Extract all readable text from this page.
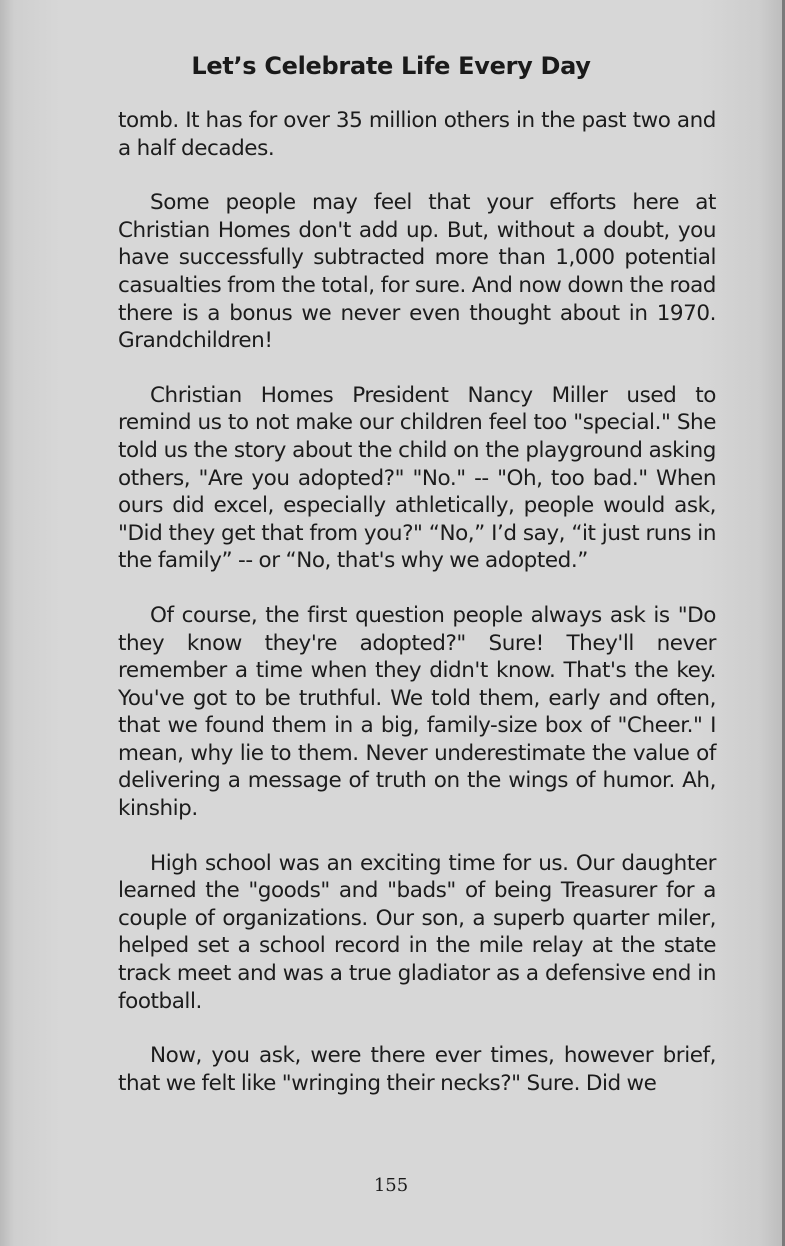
Let’s Celebrate Life Every Day

tomb. It has for over 35 million others in the past two and a half decades.

Some people may feel that your efforts here at Christian Homes don't add up. But, without a doubt, you have successfully subtracted more than 1,000 potential casualties from the total, for sure. And now down the road there is a bonus we never even thought about in 1970. Grandchildren!

Christian Homes President Nancy Miller used to remind us to not make our children feel too "special." She told us the story about the child on the playground asking others, "Are you adopted?" "No." -- "Oh, too bad." When ours did excel, especially athletically, people would ask, "Did they get that from you?" “No,” I’d say, “it just runs in the family” -- or “No, that's why we adopted.”

Of course, the first question people always ask is "Do they know they're adopted?" Sure! They'll never remember a time when they didn't know. That's the key. You've got to be truthful. We told them, early and often, that we found them in a big, family-size box of "Cheer." I mean, why lie to them. Never underestimate the value of delivering a message of truth on the wings of humor. Ah, kinship.

High school was an exciting time for us. Our daughter learned the "goods" and "bads" of being Treasurer for a couple of organizations. Our son, a superb quarter miler, helped set a school record in the mile relay at the state track meet and was a true gladiator as a defensive end in football.

Now, you ask, were there ever times, however brief, that we felt like "wringing their necks?" Sure. Did we

155
